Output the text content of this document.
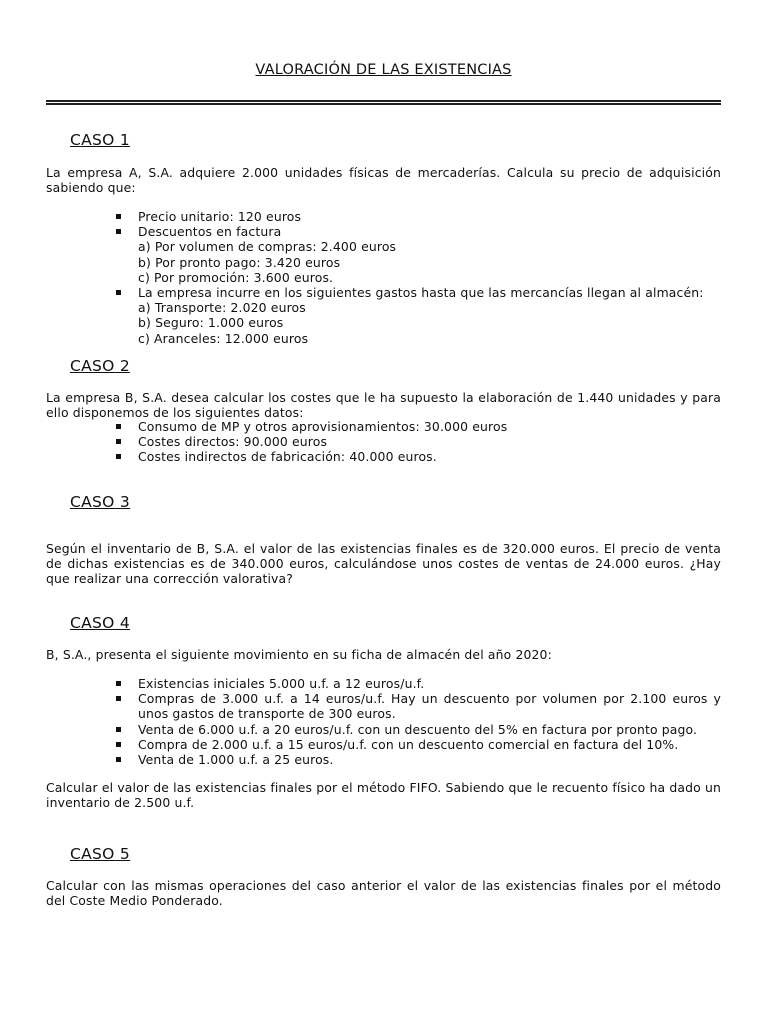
VALORACIÓN DE LAS EXISTENCIAS
CASO 1
La empresa A, S.A. adquiere 2.000 unidades físicas de mercaderías. Calcula su precio de adquisición sabiendo que:
Precio unitario: 120 euros
Descuentos en factura
a) Por volumen de compras: 2.400 euros
b) Por pronto pago: 3.420 euros
c) Por promoción: 3.600 euros.
La empresa incurre en los siguientes gastos hasta que las mercancías llegan al almacén:
a) Transporte: 2.020 euros
b) Seguro: 1.000 euros
c) Aranceles: 12.000 euros
CASO 2
La empresa B, S.A. desea calcular los costes que le ha supuesto la elaboración de 1.440 unidades y para ello disponemos de los siguientes datos:
Consumo de MP y otros aprovisionamientos: 30.000 euros
Costes directos: 90.000 euros
Costes indirectos de fabricación: 40.000 euros.
CASO 3
Según el inventario de B, S.A. el valor de las existencias finales es de 320.000 euros. El precio de venta de dichas existencias es de 340.000 euros, calculándose unos costes de ventas de 24.000 euros. ¿Hay que realizar una corrección valorativa?
CASO 4
B, S.A., presenta el siguiente movimiento en su ficha de almacén del año 2020:
Existencias iniciales 5.000 u.f. a 12 euros/u.f.
Compras de 3.000 u.f. a 14 euros/u.f. Hay un descuento por volumen por 2.100 euros y unos gastos de transporte de 300 euros.
Venta de 6.000 u.f. a 20 euros/u.f. con un descuento del 5% en factura por pronto pago.
Compra de 2.000 u.f. a 15 euros/u.f. con un descuento comercial en factura del 10%.
Venta de 1.000 u.f. a 25 euros.
Calcular el valor de las existencias finales por el método FIFO. Sabiendo que le recuento físico ha dado un inventario de 2.500 u.f.
CASO 5
Calcular con las mismas operaciones del caso anterior el valor de las existencias finales por el método del Coste Medio Ponderado.
